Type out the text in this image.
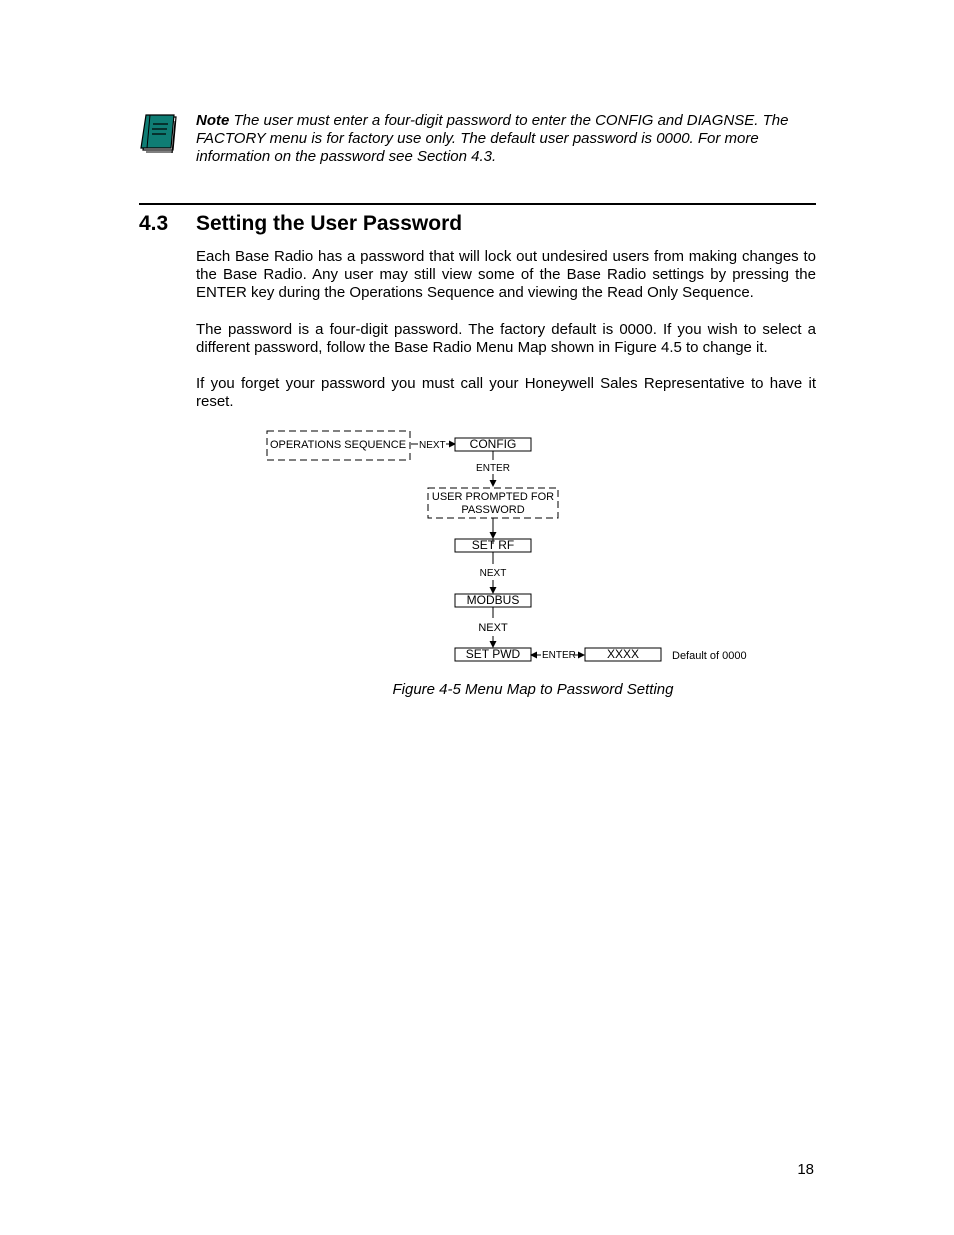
Note The user must enter a four-digit password to enter the CONFIG and DIAGNSE. The FACTORY menu is for factory use only. The default user password is 0000. For more information on the password see Section 4.3.
4.3 Setting the User Password
Each Base Radio has a password that will lock out undesired users from making changes to the Base Radio. Any user may still view some of the Base Radio settings by pressing the ENTER key during the Operations Sequence and viewing the Read Only Sequence.
The password is a four-digit password. The factory default is 0000. If you wish to select a different password, follow the Base Radio Menu Map shown in Figure 4.5 to change it.
If you forget your password you must call your Honeywell Sales Representative to have it reset.
OPERATIONS SEQUENCE NEXT CONFIG
ENTER
USER PROMPTED FOR
PASSWORD
SET RF
NEXT
MODBUS
NEXT
SET PWD ENTER	XXXX	Default of 0000
Figure 4-5 Menu Map to Password Setting
18
